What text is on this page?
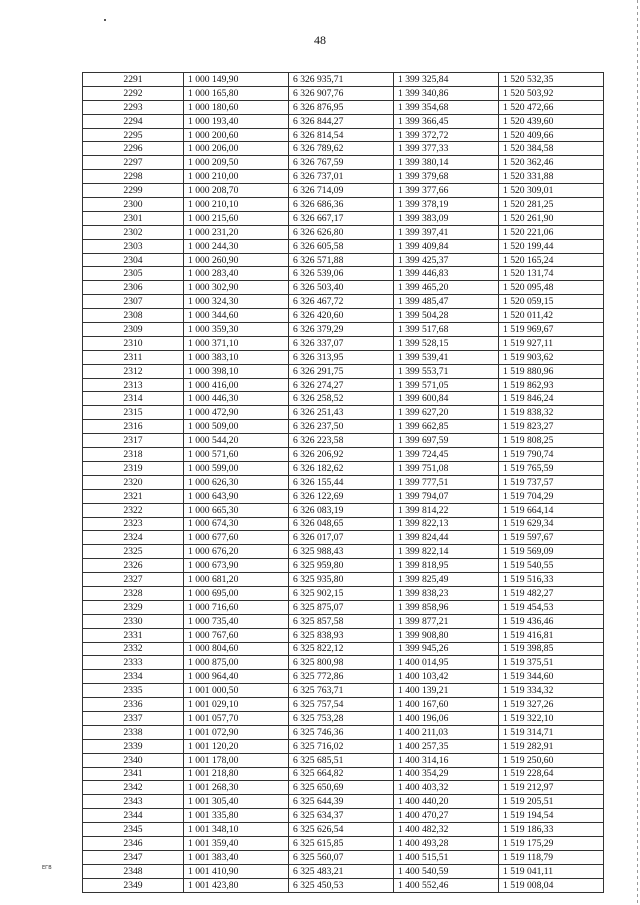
48
2291	1 000 149,90	6 326 935,71	1 399 325,84	1 520 532,35
2292	1 000 165,80	6 326 907,76	1 399 340,86	1 520 503,92
2293	1 000 180,60	6 326 876,95	1 399 354,68	1 520 472,66
2294	1 000 193,40	6 326 844,27	1 399 366,45	1 520 439,60
2295	1 000 200,60	6 326 814,54	1 399 372,72	1 520 409,66
2296	1 000 206,00	6 326 789,62	1 399 377,33	1 520 384,58
2297	1 000 209,50	6 326 767,59	1 399 380,14	1 520 362,46
2298	1 000 210,00	6 326 737,01	1 399 379,68	1 520 331,88
2299	1 000 208,70	6 326 714,09	1 399 377,66	1 520 309,01
2300	1 000 210,10	6 326 686,36	1 399 378,19	1 520 281,25
2301	1 000 215,60	6 326 667,17	1 399 383,09	1 520 261,90
2302	1 000 231,20	6 326 626,80	1 399 397,41	1 520 221,06
2303	1 000 244,30	6 326 605,58	1 399 409,84	1 520 199,44
2304	1 000 260,90	6 326 571,88	1 399 425,37	1 520 165,24
2305	1 000 283,40	6 326 539,06	1 399 446,83	1 520 131,74
2306	1 000 302,90	6 326 503,40	1 399 465,20	1 520 095,48
2307	1 000 324,30	6 326 467,72	1 399 485,47	1 520 059,15
2308	1 000 344,60	6 326 420,60	1 399 504,28	1 520 011,42
2309	1 000 359,30	6 326 379,29	1 399 517,68	1 519 969,67
2310	1 000 371,10	6 326 337,07	1 399 528,15	1 519 927,11
2311	1 000 383,10	6 326 313,95	1 399 539,41	1 519 903,62
2312	1 000 398,10	6 326 291,75	1 399 553,71	1 519 880,96
2313	1 000 416,00	6 326 274,27	1 399 571,05	1 519 862,93
2314	1 000 446,30	6 326 258,52	1 399 600,84	1 519 846,24
2315	1 000 472,90	6 326 251,43	1 399 627,20	1 519 838,32
2316	1 000 509,00	6 326 237,50	1 399 662,85	1 519 823,27
2317	1 000 544,20	6 326 223,58	1 399 697,59	1 519 808,25
2318	1 000 571,60	6 326 206,92	1 399 724,45	1 519 790,74
2319	1 000 599,00	6 326 182,62	1 399 751,08	1 519 765,59
2320	1 000 626,30	6 326 155,44	1 399 777,51	1 519 737,57
2321	1 000 643,90	6 326 122,69	1 399 794,07	1 519 704,29
2322	1 000 665,30	6 326 083,19	1 399 814,22	1 519 664,14
2323	1 000 674,30	6 326 048,65	1 399 822,13	1 519 629,34
2324	1 000 677,60	6 326 017,07	1 399 824,44	1 519 597,67
2325	1 000 676,20	6 325 988,43	1 399 822,14	1 519 569,09
2326	1 000 673,90	6 325 959,80	1 399 818,95	1 519 540,55
2327	1 000 681,20	6 325 935,80	1 399 825,49	1 519 516,33
2328	1 000 695,00	6 325 902,15	1 399 838,23	1 519 482,27
2329	1 000 716,60	6 325 875,07	1 399 858,96	1 519 454,53
2330	1 000 735,40	6 325 857,58	1 399 877,21	1 519 436,46
2331	1 000 767,60	6 325 838,93	1 399 908,80	1 519 416,81
2332	1 000 804,60	6 325 822,12	1 399 945,26	1 519 398,85
2333	1 000 875,00	6 325 800,98	1 400 014,95	1 519 375,51
2334	1 000 964,40	6 325 772,86	1 400 103,42	1 519 344,60
2335	1 001 000,50	6 325 763,71	1 400 139,21	1 519 334,32
2336	1 001 029,10	6 325 757,54	1 400 167,60	1 519 327,26
2337	1 001 057,70	6 325 753,28	1 400 196,06	1 519 322,10
2338	1 001 072,90	6 325 746,36	1 400 211,03	1 519 314,71
2339	1 001 120,20	6 325 716,02	1 400 257,35	1 519 282,91
2340	1 001 178,00	6 325 685,51	1 400 314,16	1 519 250,60
2341	1 001 218,80	6 325 664,82	1 400 354,29	1 519 228,64
2342	1 001 268,30	6 325 650,69	1 400 403,32	1 519 212,97
2343	1 001 305,40	6 325 644,39	1 400 440,20	1 519 205,51
2344	1 001 335,80	6 325 634,37	1 400 470,27	1 519 194,54
2345	1 001 348,10	6 325 626,54	1 400 482,32	1 519 186,33
2346	1 001 359,40	6 325 615,85	1 400 493,28	1 519 175,29
2347	1 001 383,40	6 325 560,07	1 400 515,51	1 519 118,79
2348	1 001 410,90	6 325 483,21	1 400 540,59	1 519 041,11
2349	1 001 423,80	6 325 450,53	1 400 552,46	1 519 008,04
ЕГВ
